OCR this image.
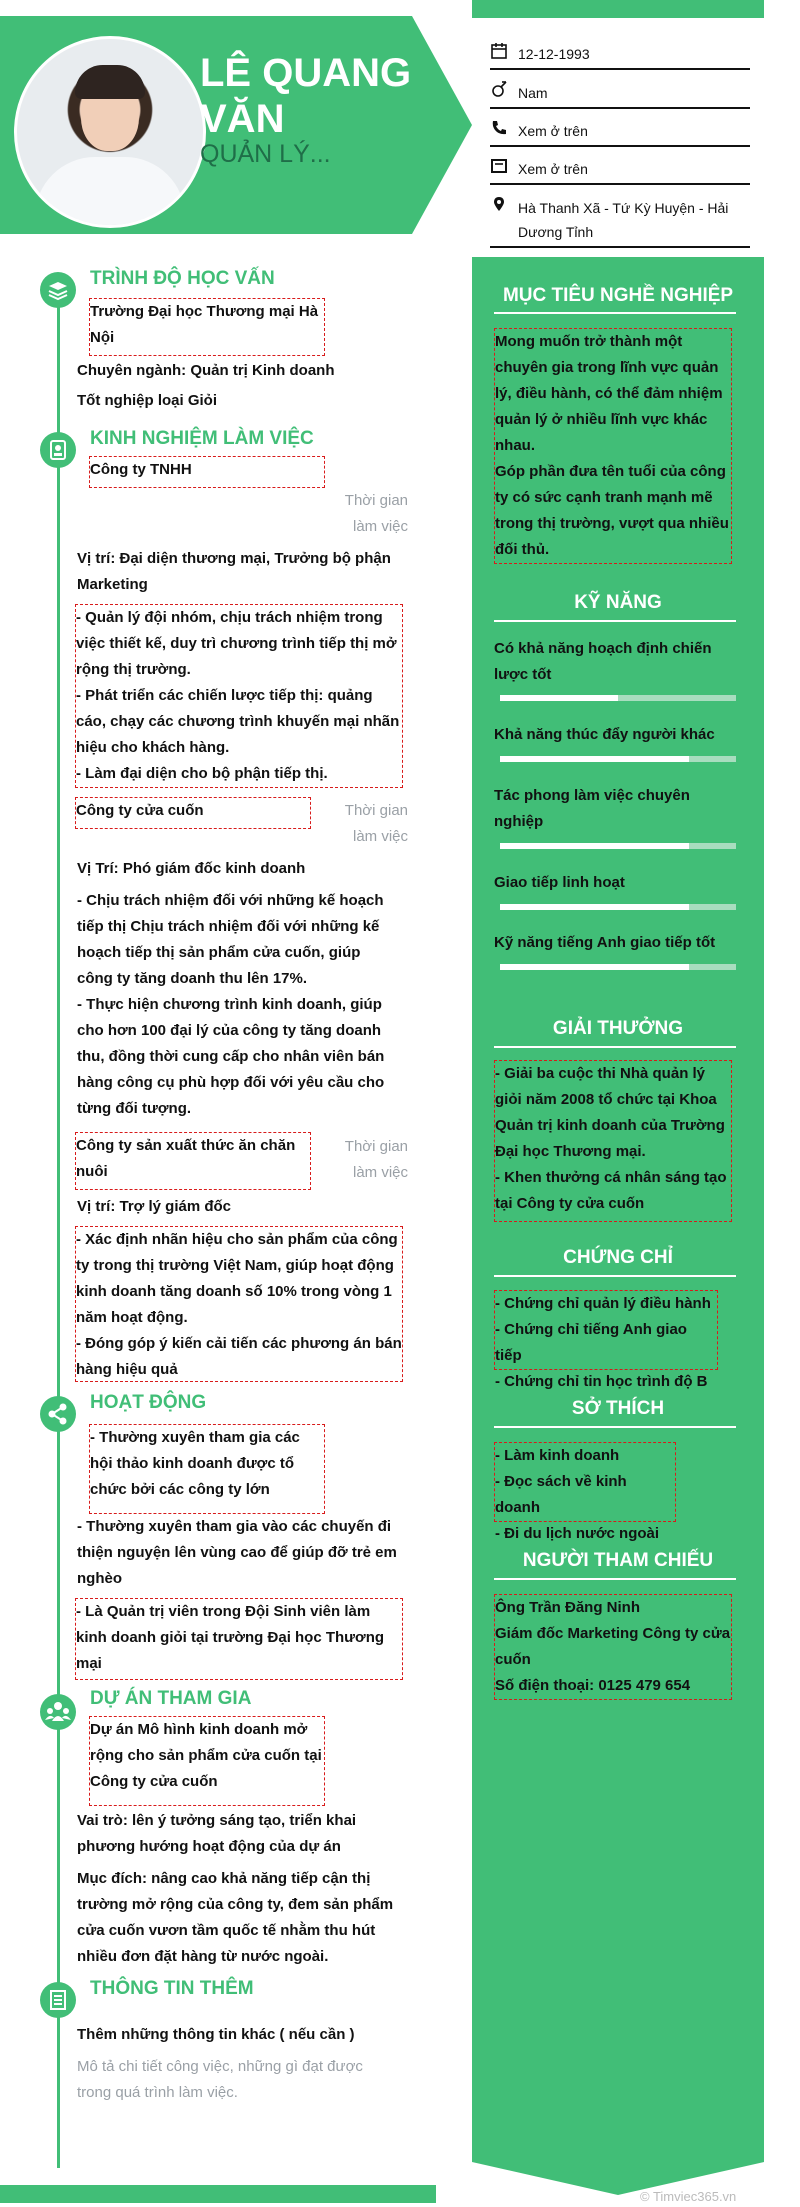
LÊ QUANG VĂN
QUẢN LÝ...
12-12-1993
Nam
Xem ở trên
Xem ở trên
Hà Thanh Xã - Tứ Kỳ Huyện - Hải Dương Tỉnh
MỤC TIÊU NGHỀ NGHIỆP
Mong muốn trở thành một chuyên gia trong lĩnh vực quản lý, điều hành, có thể đảm nhiệm quản lý ở nhiều lĩnh vực khác nhau.
Góp phần đưa tên tuổi của công ty có sức cạnh tranh mạnh mẽ trong thị trường, vượt qua nhiều đối thủ.
KỸ NĂNG
Có khả năng hoạch định chiến lược tốt
Khả năng thúc đẩy người khác
Tác phong làm việc chuyên nghiệp
Giao tiếp linh hoạt
Kỹ năng tiếng Anh giao tiếp tốt
GIẢI THƯỞNG
- Giải ba cuộc thi Nhà quản lý giỏi năm 2008 tổ chức tại Khoa Quản trị kinh doanh của Trường Đại học Thương mại.
- Khen thưởng cá nhân sáng tạo tại Công ty cửa cuốn
CHỨNG CHỈ
- Chứng chỉ quản lý điều hành
- Chứng chỉ tiếng Anh giao tiếp
- Chứng chỉ tin học trình độ B
SỞ THÍCH
- Làm kinh doanh
- Đọc sách về kinh doanh
- Đi du lịch nước ngoài
NGƯỜI THAM CHIẾU
Ông Trần Đăng Ninh
Giám đốc Marketing Công ty cửa cuốn
Số điện thoại: 0125 479 654
TRÌNH ĐỘ HỌC VẤN
Trường Đại học Thương mại Hà Nội
Chuyên ngành: Quản trị Kinh doanh
Tốt nghiệp loại Giỏi
KINH NGHIỆM LÀM VIỆC
Công ty TNHH
Thời gian làm việc
Vị trí: Đại diện thương mại, Trưởng bộ phận Marketing
- Quản lý đội nhóm, chịu trách nhiệm trong việc thiết kế, duy trì chương trình tiếp thị mở rộng thị trường.
- Phát triển các chiến lược tiếp thị: quảng cáo, chạy các chương trình khuyến mại nhãn hiệu cho khách hàng.
- Làm đại diện cho bộ phận tiếp thị.
Công ty cửa cuốn	Thời gian làm việc
Vị Trí: Phó giám đốc kinh doanh
- Chịu trách nhiệm đối với những kế hoạch tiếp thị Chịu trách nhiệm đối với những kế hoạch tiếp thị sản phẩm cửa cuốn, giúp công ty tăng doanh thu lên 17%.
- Thực hiện chương trình kinh doanh, giúp cho hơn 100 đại lý của công ty tăng doanh thu, đồng thời cung cấp cho nhân viên bán hàng công cụ phù hợp đối với yêu cầu cho từng đối tượng.
Công ty sản xuất thức ăn chăn nuôi
Thời gian làm việc
Vị trí: Trợ lý giám đốc
- Xác định nhãn hiệu cho sản phẩm của công ty trong thị trường Việt Nam, giúp hoạt động kinh doanh tăng doanh số 10% trong vòng 1 năm hoạt động.
- Đóng góp ý kiến cải tiến các phương án bán hàng hiệu quả
HOẠT ĐỘNG
- Thường xuyên tham gia các hội thảo kinh doanh được tổ chức bởi các công ty lớn
- Thường xuyên tham gia vào các chuyến đi thiện nguyện lên vùng cao để giúp đỡ trẻ em nghèo
- Là Quản trị viên trong Đội Sinh viên làm kinh doanh giỏi tại trường Đại học Thương mại
DỰ ÁN THAM GIA
Dự án Mô hình kinh doanh mở rộng cho sản phẩm cửa cuốn tại Công ty cửa cuốn
Vai trò: lên ý tưởng sáng tạo, triển khai phương hướng hoạt động của dự án
Mục đích: nâng cao khả năng tiếp cận thị trường mở rộng của công ty, đem sản phẩm cửa cuốn vươn tầm quốc tế nhằm thu hút nhiều đơn đặt hàng từ nước ngoài.
THÔNG TIN THÊM
Thêm những thông tin khác ( nếu cần )
Mô tả chi tiết công việc, những gì đạt được trong quá trình làm việc.
© Timviec365.vn
